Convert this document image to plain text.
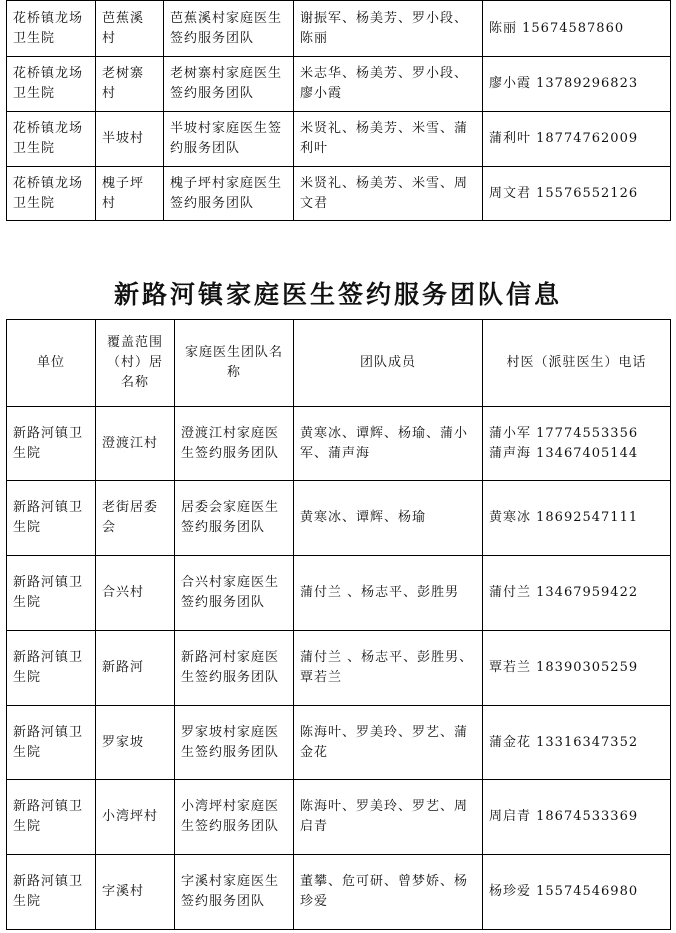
花桥镇龙场卫生院	芭蕉溪村	芭蕉溪村家庭医生签约服务团队	谢振军、杨美芳、罗小段、陈丽	陈丽 15674587860
花桥镇龙场卫生院	老树寨村	老树寨村家庭医生签约服务团队	米志华、杨美芳、罗小段、廖小霞	廖小霞 13789296823
花桥镇龙场卫生院	半坡村	半坡村家庭医生签约服务团队	米贤礼、杨美芳、米雪、蒲利叶	蒲利叶 18774762009
花桥镇龙场卫生院	槐子坪村	槐子坪村家庭医生签约服务团队	米贤礼、杨美芳、米雪、周文君	周文君 15576552126
新路河镇家庭医生签约服务团队信息
单位	覆盖范围（村）居名称	家庭医生团队名称	团队成员	村医（派驻医生）电话
新路河镇卫生院	澄渡江村	澄渡江村家庭医生签约服务团队	黄寒冰、谭辉、杨瑜、蒲小军、蒲声海	蒲小军 17774553356
蒲声海 13467405144

新路河镇卫生院	老街居委会	居委会家庭医生签约服务团队	黄寒冰、谭辉、杨瑜	黄寒冰 18692547111

新路河镇卫生院	合兴村	合兴村家庭医生签约服务团队	蒲付兰 、杨志平、彭胜男	蒲付兰 13467959422

新路河镇卫生院	新路河	新路河村家庭医生签约服务团队	蒲付兰 、杨志平、彭胜男、覃若兰	覃若兰 18390305259

新路河镇卫生院	罗家坡	罗家坡村家庭医生签约服务团队	陈海叶、罗美玲、罗艺、蒲金花	蒲金花 13316347352

新路河镇卫生院	小湾坪村	小湾坪村家庭医生签约服务团队	陈海叶、罗美玲、罗艺、周启青	周启青 18674533369

新路河镇卫生院	字溪村	字溪村家庭医生签约服务团队	董攀、危可研、曾梦娇、杨珍爱	杨珍爱 15574546980
